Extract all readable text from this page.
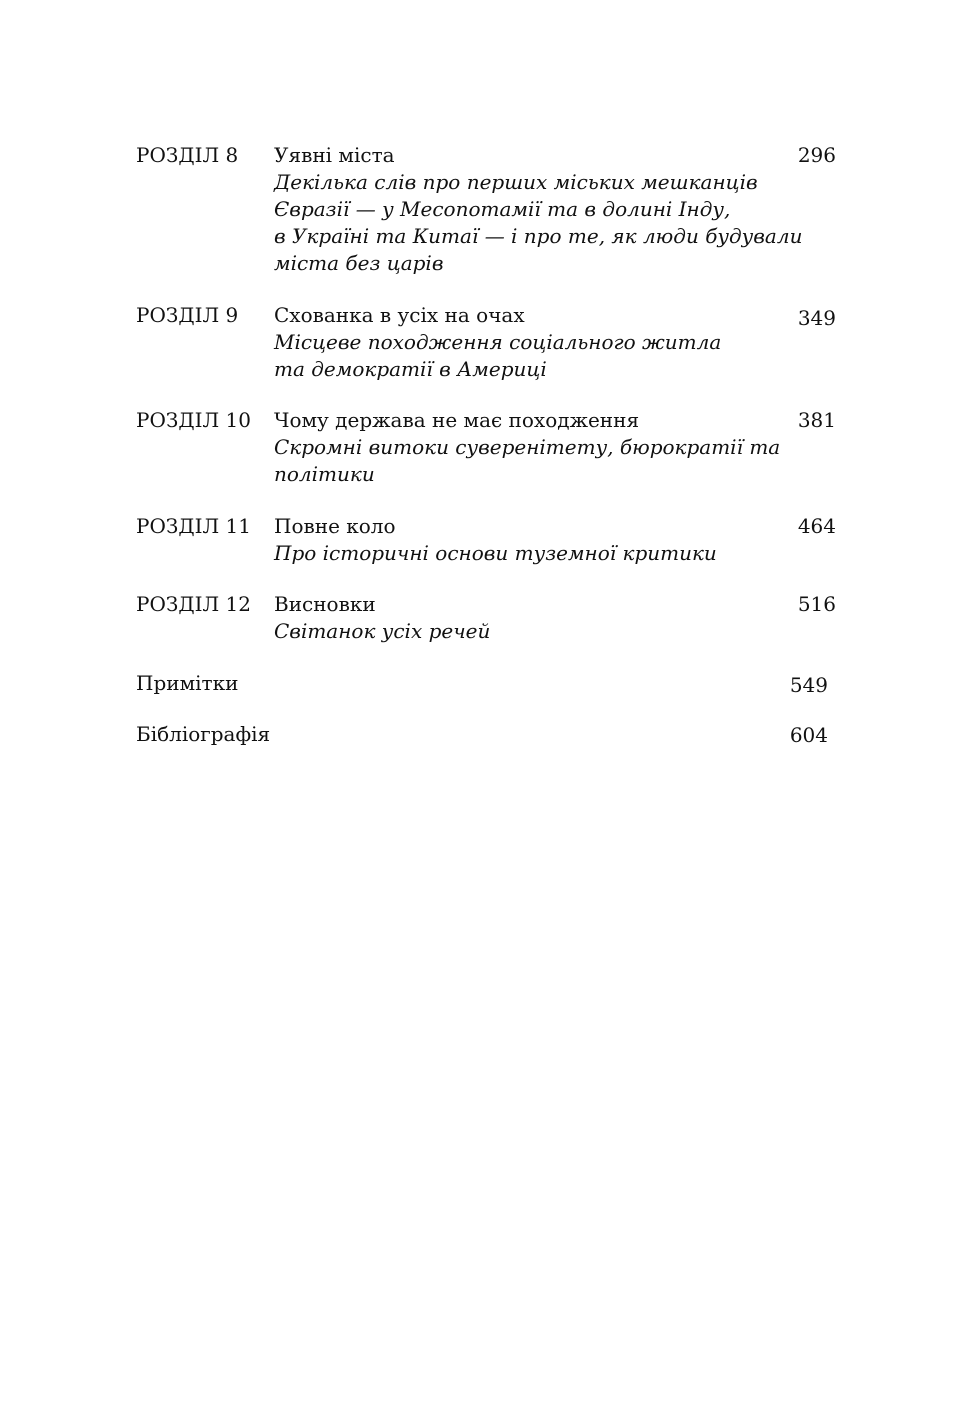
РОЗДІЛ 8 Уявні міста
Декілька слів про перших міських мешканців
Євразії — у Месопотамії та в долині Інду,
в Україні та Китаї — і про те, як люди будували
міста без царів
296
РОЗДІЛ 9 Схованка в усіх на очах
Місцеве походження соціального житла
та демократії в Америці
349
РОЗДІЛ 10 Чому держава не має походження
Скромні витоки суверенітету, бюрократії та
політики
381
РОЗДІЛ 11 Повне коло
Про історичні основи туземної критики
464
РОЗДІЛ 12 Висновки
Світанок усіх речей
516
Примітки	549
Бібліографія	604
